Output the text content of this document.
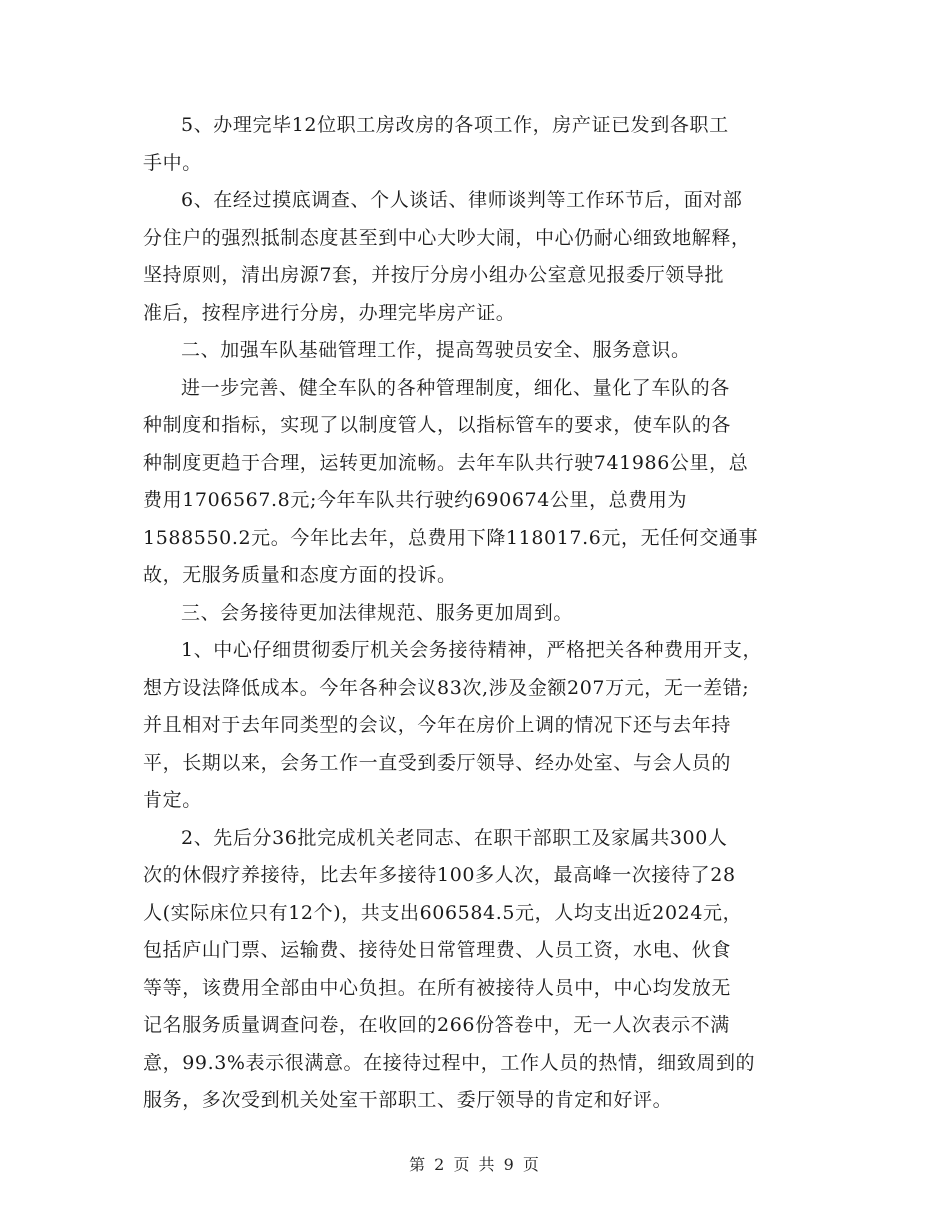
5、办理完毕12位职工房改房的各项工作，房产证已发到各职工
手中。
6、在经过摸底调查、个人谈话、律师谈判等工作环节后，面对部
分住户的强烈抵制态度甚至到中心大吵大闹，中心仍耐心细致地解释，
坚持原则，清出房源7套，并按厅分房小组办公室意见报委厅领导批
准后，按程序进行分房，办理完毕房产证。
二、加强车队基础管理工作，提高驾驶员安全、服务意识。
进一步完善、健全车队的各种管理制度，细化、量化了车队的各
种制度和指标，实现了以制度管人，以指标管车的要求，使车队的各
种制度更趋于合理，运转更加流畅。去年车队共行驶741986公里，总
费用1706567.8元;今年车队共行驶约690674公里，总费用为
1588550.2元。今年比去年，总费用下降118017.6元，无任何交通事
故，无服务质量和态度方面的投诉。
三、会务接待更加法律规范、服务更加周到。
1、中心仔细贯彻委厅机关会务接待精神，严格把关各种费用开支，
想方设法降低成本。今年各种会议83次,涉及金额207万元，无一差错;
并且相对于去年同类型的会议，今年在房价上调的情况下还与去年持
平，长期以来，会务工作一直受到委厅领导、经办处室、与会人员的
肯定。
2、先后分36批完成机关老同志、在职干部职工及家属共300人
次的休假疗养接待，比去年多接待100多人次，最高峰一次接待了28
人(实际床位只有12个)，共支出606584.5元，人均支出近2024元，
包括庐山门票、运输费、接待处日常管理费、人员工资，水电、伙食
等等，该费用全部由中心负担。在所有被接待人员中，中心均发放无
记名服务质量调查问卷，在收回的266份答卷中，无一人次表示不满
意，99.3%表示很满意。在接待过程中，工作人员的热情，细致周到的
服务，多次受到机关处室干部职工、委厅领导的肯定和好评。
第 2 页 共 9 页
